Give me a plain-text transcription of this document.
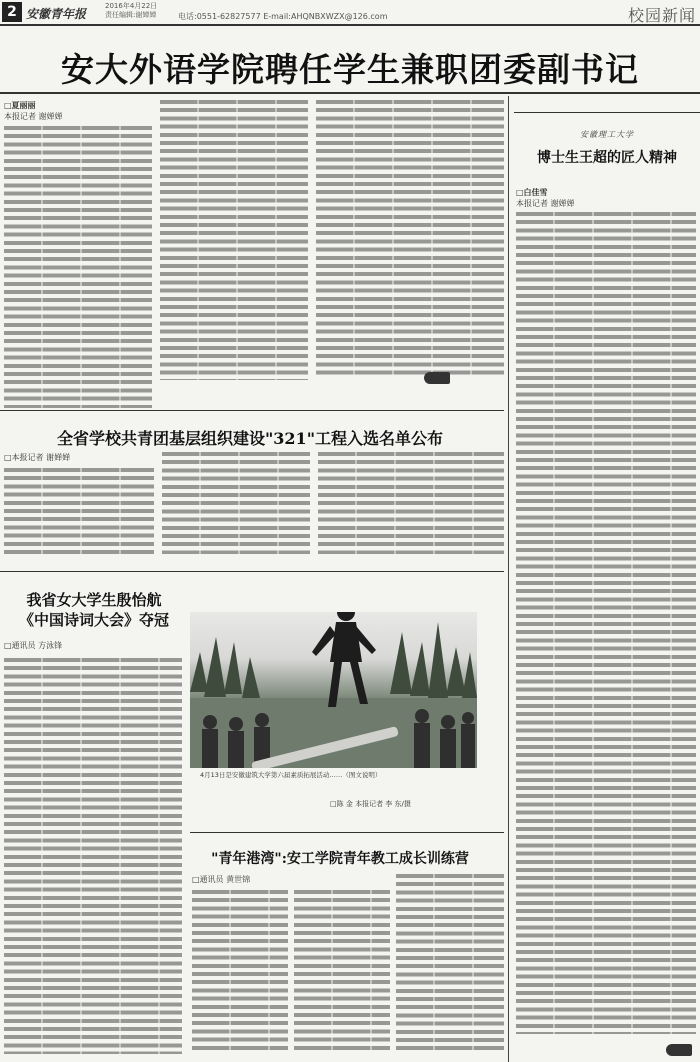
2 安徽青年报
2016年4月22日
责任编辑:谢婵婵	电话:0551-62827577 E-mail:AHQNBXWZX@126.com	校园新闻
安大外语学院聘任学生兼职团委副书记
□夏丽丽
本报记者 谢婵婵
安徽理工大学
博士生王超的匠人精神
□白佳雪
本报记者 谢婵婵
全省学校共青团基层组织建设"321"工程入选名单公布
□本报记者 谢婵婵
我省女大学生殷怡航
《中国诗词大会》夺冠
□通讯员 方泳锋
4月13日是安徽建筑大学第六届素质拓展活动……（图文说明）
□陈 金 本报记者 李 东/摄
"青年港湾":安工学院青年教工成长训练营
□通讯员 黄世锦
